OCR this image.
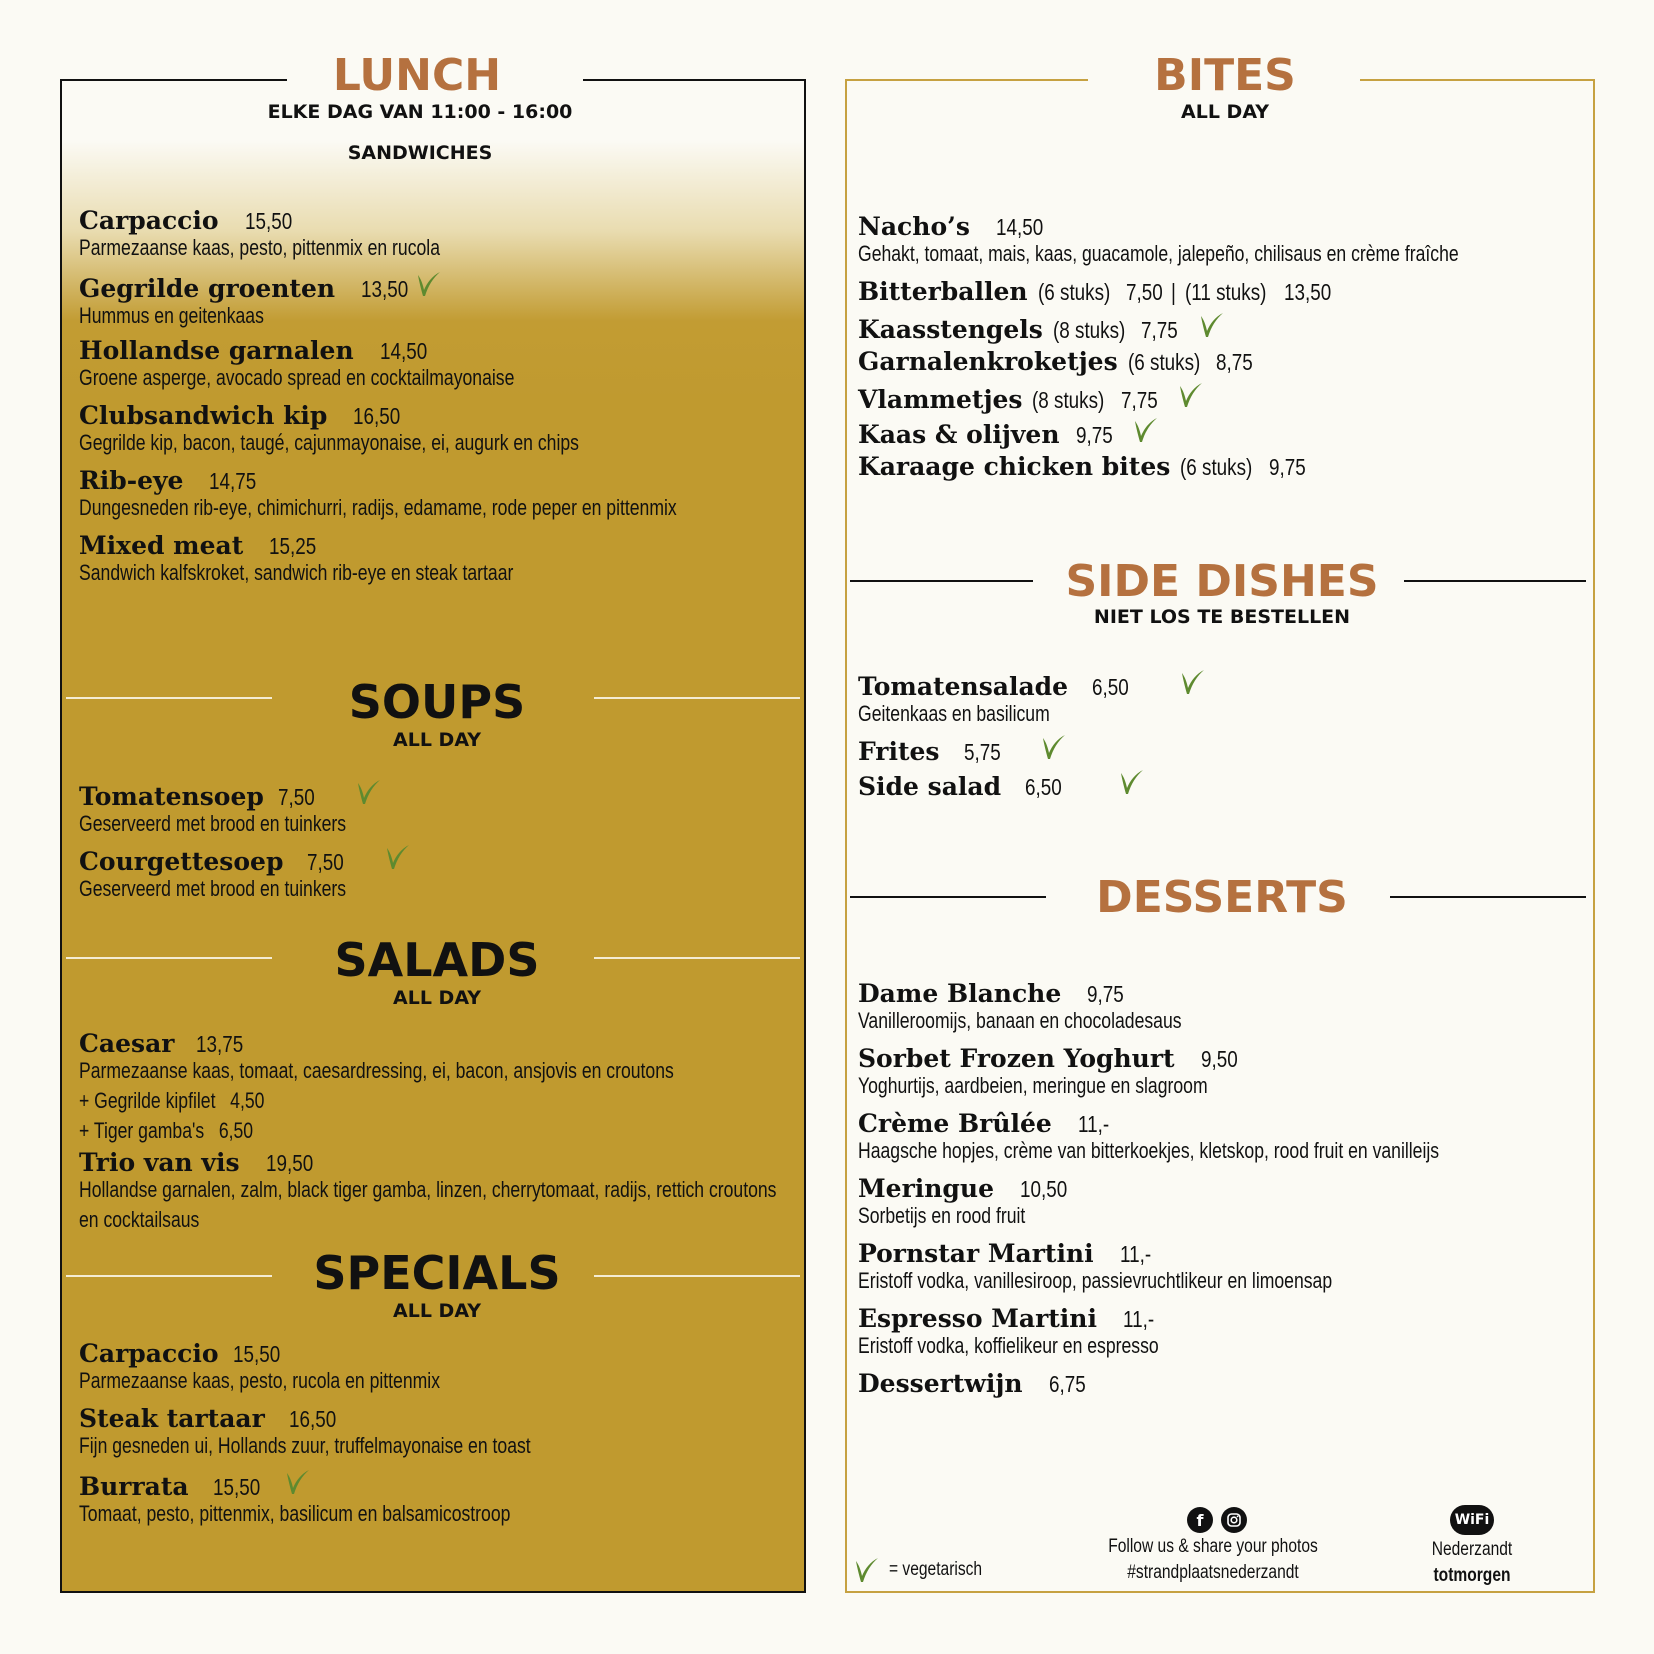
LUNCH
ELKE DAG VAN 11:00 - 16:00
SANDWICHES
Carpaccio 15,50
Parmezaanse kaas, pesto, pittenmix en rucola
Gegrilde groenten 13,50
Hummus en geitenkaas
Hollandse garnalen 14,50
Groene asperge, avocado spread en cocktailmayonaise
Clubsandwich kip 16,50
Gegrilde kip, bacon, taugé, cajunmayonaise, ei, augurk en chips
Rib-eye 14,75
Dungesneden rib-eye, chimichurri, radijs, edamame, rode peper en pittenmix
Mixed meat 15,25
Sandwich kalfskroket, sandwich rib-eye en steak tartaar
SOUPS
ALL DAY
Tomatensoep 7,50
Geserveerd met brood en tuinkers
Courgettesoep 7,50
Geserveerd met brood en tuinkers
SALADS
ALL DAY
Caesar 13,75
Parmezaanse kaas, tomaat, caesardressing, ei, bacon, ansjovis en croutons
+ Gegrilde kipfilet 4,50
+ Tiger gamba's 6,50
Trio van vis 19,50
Hollandse garnalen, zalm, black tiger gamba, linzen, cherrytomaat, radijs, rettich croutons
en cocktailsaus
SPECIALS
ALL DAY
Carpaccio 15,50
Parmezaanse kaas, pesto, rucola en pittenmix
Steak tartaar 16,50
Fijn gesneden ui, Hollands zuur, truffelmayonaise en toast
Burrata 15,50
Tomaat, pesto, pittenmix, basilicum en balsamicostroop
BITES
ALL DAY
Nacho’s 14,50
Gehakt, tomaat, mais, kaas, guacamole, jalepeño, chilisaus en crème fraîche
Bitterballen (6 stuks) 7,50 | (11 stuks) 13,50
Kaasstengels (8 stuks) 7,75
Garnalenkroketjes (6 stuks) 8,75
Vlammetjes (8 stuks) 7,75
Kaas & olijven 9,75
Karaage chicken bites (6 stuks) 9,75
SIDE DISHES
NIET LOS TE BESTELLEN
Tomatensalade 6,50
Geitenkaas en basilicum
Frites 5,75
Side salad 6,50
DESSERTS
Dame Blanche 9,75
Vanilleroomijs, banaan en chocoladesaus
Sorbet Frozen Yoghurt 9,50
Yoghurtijs, aardbeien, meringue en slagroom
Crème Brûlée 11,-
Haagsche hopjes, crème van bitterkoekjes, kletskop, rood fruit en vanilleijs
Meringue 10,50
Sorbetijs en rood fruit
Pornstar Martini 11,-
Eristoff vodka, vanillesiroop, passievruchtlikeur en limoensap
Espresso Martini 11,-
Eristoff vodka, koffielikeur en espresso
Dessertwijn 6,75
= vegetarisch
f
Follow us & share your photos
#strandplaatsnederzandt
WiFi
Nederzandt
totmorgen
